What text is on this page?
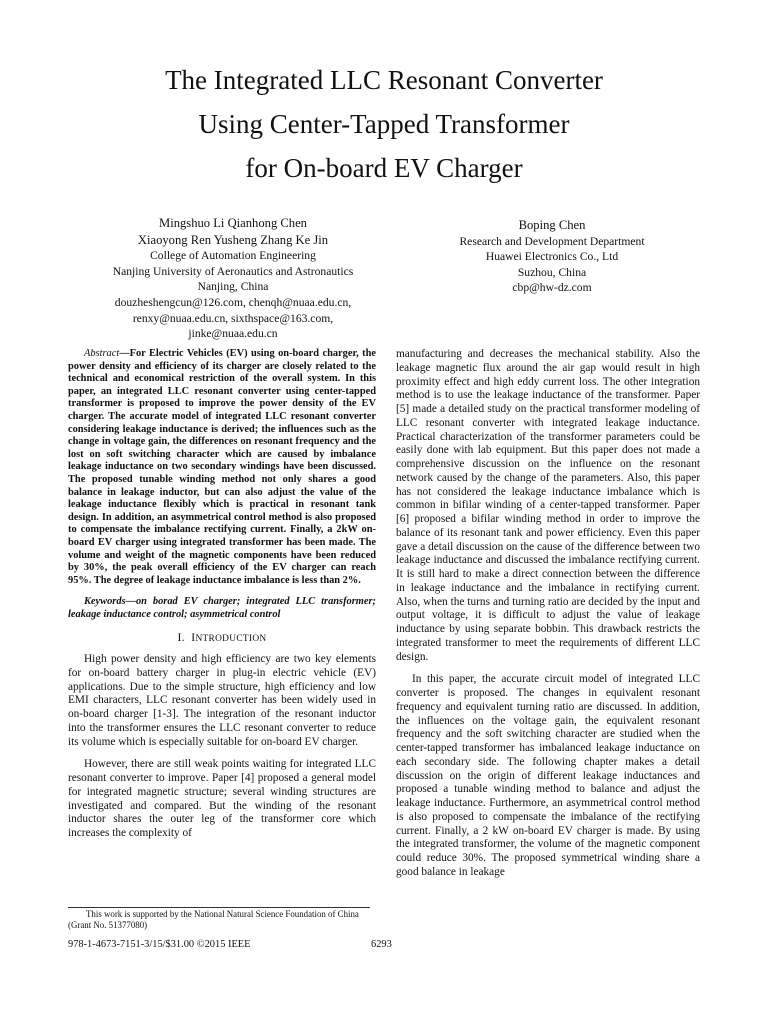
The Integrated LLC Resonant Converter
Using Center-Tapped Transformer
for On-board EV Charger
Mingshuo Li Qianhong Chen
Xiaoyong Ren Yusheng Zhang Ke Jin
College of Automation Engineering
Nanjing University of Aeronautics and Astronautics
Nanjing, China
douzheshengcun@126.com, chenqh@nuaa.edu.cn,
renxy@nuaa.edu.cn, sixthspace@163.com,
jinke@nuaa.edu.cn
Boping Chen
Research and Development Department
Huawei Electronics Co., Ltd
Suzhou, China
cbp@hw-dz.com

Abstract—For Electric Vehicles (EV) using on-board charger, the power density and efficiency of its charger are closely related to the technical and economical restriction of the overall system. In this paper, an integrated LLC resonant converter using center-tapped transformer is proposed to improve the power density of the EV charger. The accurate model of integrated LLC resonant converter considering leakage inductance is derived; the influences such as the change in voltage gain, the differences on resonant frequency and the lost on soft switching character which are caused by imbalance leakage inductance on two secondary windings have been discussed. The proposed tunable winding method not only shares a good balance in leakage inductor, but can also adjust the value of the leakage inductance flexibly which is practical in resonant tank design. In addition, an asymmetrical control method is also proposed to compensate the imbalance rectifying current. Finally, a 2kW on-board EV charger using integrated transformer has been made. The volume and weight of the magnetic components have been reduced by 30%, the peak overall efficiency of the EV charger can reach 95%. The degree of leakage inductance imbalance is less than 2%.

Keywords—on borad EV charger; integrated LLC transformer; leakage inductance control; asymmetrical control

I. INTRODUCTION

High power density and high efficiency are two key elements for on-board battery charger in plug-in electric vehicle (EV) applications. Due to the simple structure, high efficiency and low EMI characters, LLC resonant converter has been widely used in on-board charger [1-3]. The integration of the resonant inductor into the transformer ensures the LLC resonant converter to reduce its volume which is especially suitable for on-board EV charger.

However, there are still weak points waiting for integrated LLC resonant converter to improve. Paper [4] proposed a general model for integrated magnetic structure; several winding structures are investigated and compared. But the winding of the resonant inductor shares the outer leg of the transformer core which increases the complexity of

manufacturing and decreases the mechanical stability. Also the leakage magnetic flux around the air gap would result in high proximity effect and high eddy current loss. The other integration method is to use the leakage inductance of the transformer. Paper [5] made a detailed study on the practical transformer modeling of LLC resonant converter with integrated leakage inductance. Practical characterization of the transformer parameters could be easily done with lab equipment. But this paper does not made a comprehensive discussion on the influence on the resonant network caused by the change of the parameters. Also, this paper has not considered the leakage inductance imbalance which is common in bifilar winding of a center-tapped transformer. Paper [6] proposed a bifilar winding method in order to improve the balance of its resonant tank and power efficiency. Even this paper gave a detail discussion on the cause of the difference between two leakage inductance and discussed the imbalance rectifying current. It is still hard to make a direct connection between the difference in leakage inductance and the imbalance in rectifying current. Also, when the turns and turning ratio are decided by the input and output voltage, it is difficult to adjust the value of leakage inductance by using separate bobbin. This drawback restricts the integrated transformer to meet the requirements of different LLC design.

In this paper, the accurate circuit model of integrated LLC converter is proposed. The changes in equivalent resonant frequency and equivalent turning ratio are discussed. In addition, the influences on the voltage gain, the equivalent resonant frequency and the soft switching character are studied when the center-tapped transformer has imbalanced leakage inductance on each secondary side. The following chapter makes a detail discussion on the origin of different leakage inductances and proposed a tunable winding method to balance and adjust the leakage inductance. Furthermore, an asymmetrical control method is also proposed to compensate the imbalance of the rectifying current. Finally, a 2 kW on-board EV charger is made. By using the integrated transformer, the volume of the magnetic component could reduce 30%. The proposed symmetrical winding share a good balance in leakage

This work is supported by the National Natural Science Foundation of China (Grant No. 51377080)
978-1-4673-7151-3/15/$31.00 ©2015 IEEE	6293
